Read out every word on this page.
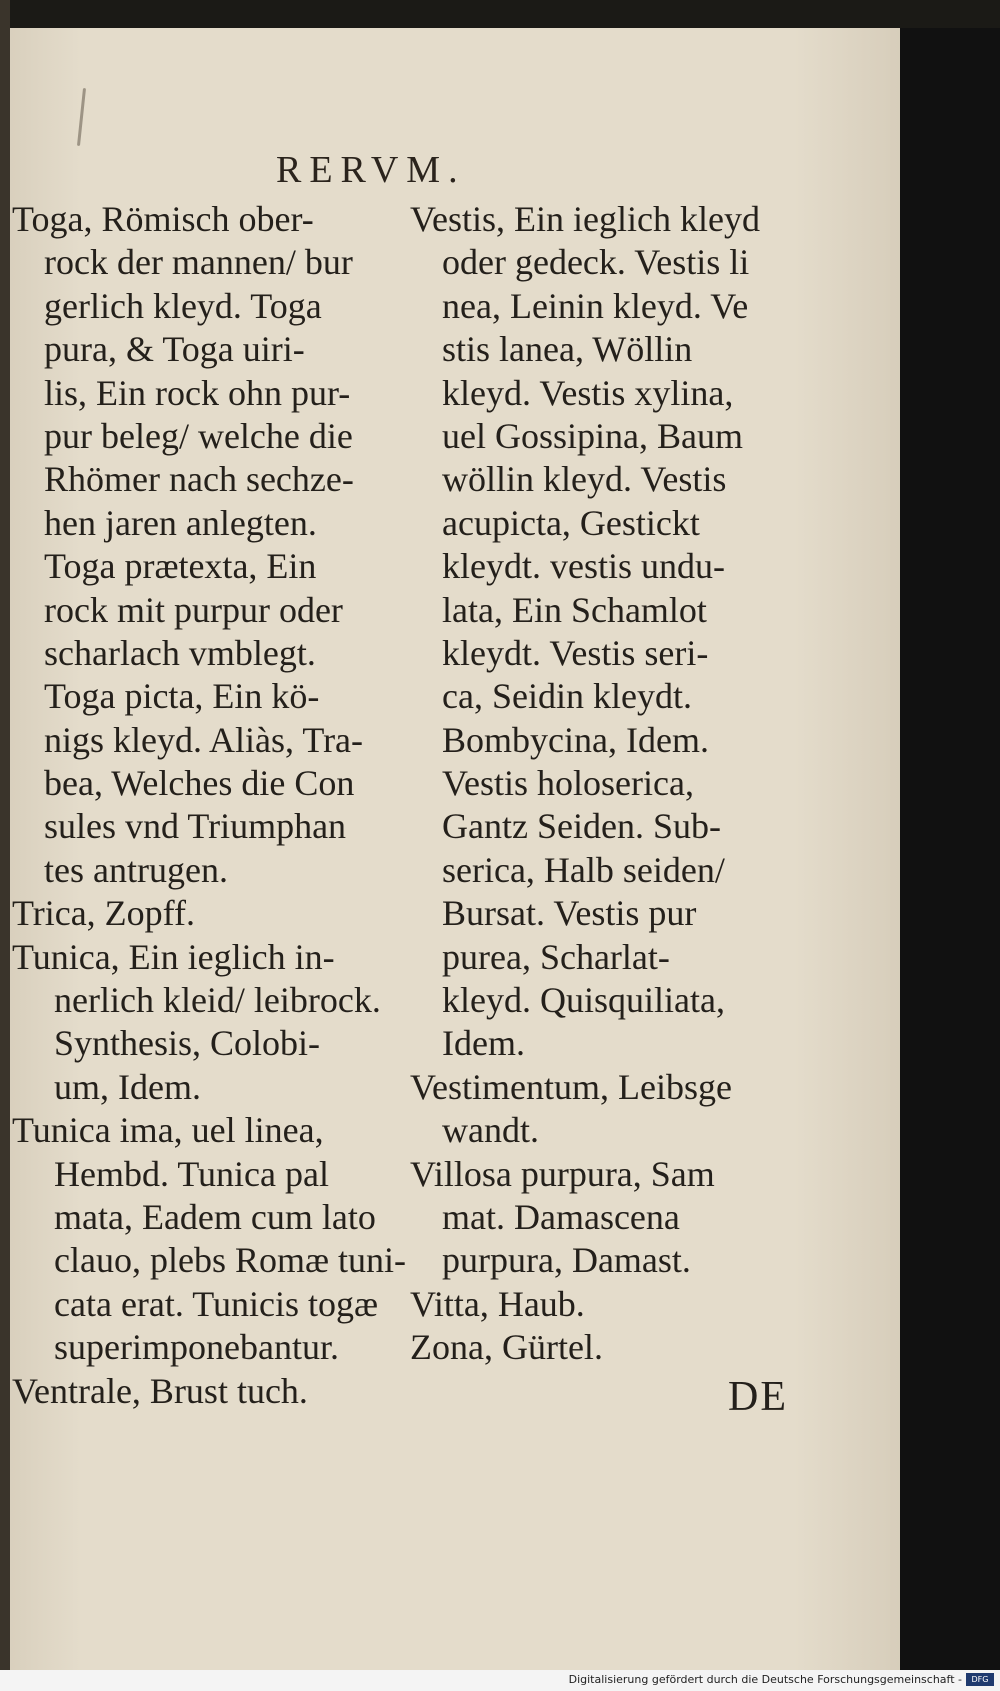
RERVM.
Toga, Römisch ober-
rock der mannen/ bur
gerlich kleyd. Toga
pura, & Toga uiri-
lis, Ein rock ohn pur-
pur beleg/ welche die
Rhömer nach sechze-
hen jaren anlegten.
Toga prætexta, Ein
rock mit purpur oder
scharlach vmblegt.
Toga picta, Ein kö-
nigs kleyd. Aliàs, Tra-
bea, Welches die Con
sules vnd Triumphan
tes antrugen.
Trica, Zopff.
Tunica, Ein ieglich in-
nerlich kleid/ leibrock.
Synthesis, Colobi-
um, Idem.
Tunica ima, uel linea,
Hembd. Tunica pal
mata, Eadem cum lato
clauo, plebs Romæ tuni-
cata erat. Tunicis togæ
superimponebantur.
Ventrale, Brust tuch.
Vestis, Ein ieglich kleyd
oder gedeck. Vestis li
nea, Leinin kleyd. Ve
stis lanea, Wöllin
kleyd. Vestis xylina,
uel Gossipina, Baum
wöllin kleyd. Vestis
acupicta, Gestickt
kleydt. vestis undu-
lata, Ein Schamlot
kleydt. Vestis seri-
ca, Seidin kleydt.
Bombycina, Idem.
Vestis holoserica,
Gantz Seiden. Sub-
serica, Halb seiden/
Bursat. Vestis pur
purea, Scharlat-
kleyd. Quisquiliata,
Idem.
Vestimentum, Leibsge
wandt.
Villosa purpura, Sam
mat. Damascena
purpura, Damast.
Vitta, Haub.
Zona, Gürtel.
DE
Digitalisierung gefördert durch die Deutsche Forschungsgemeinschaft -	DFG
